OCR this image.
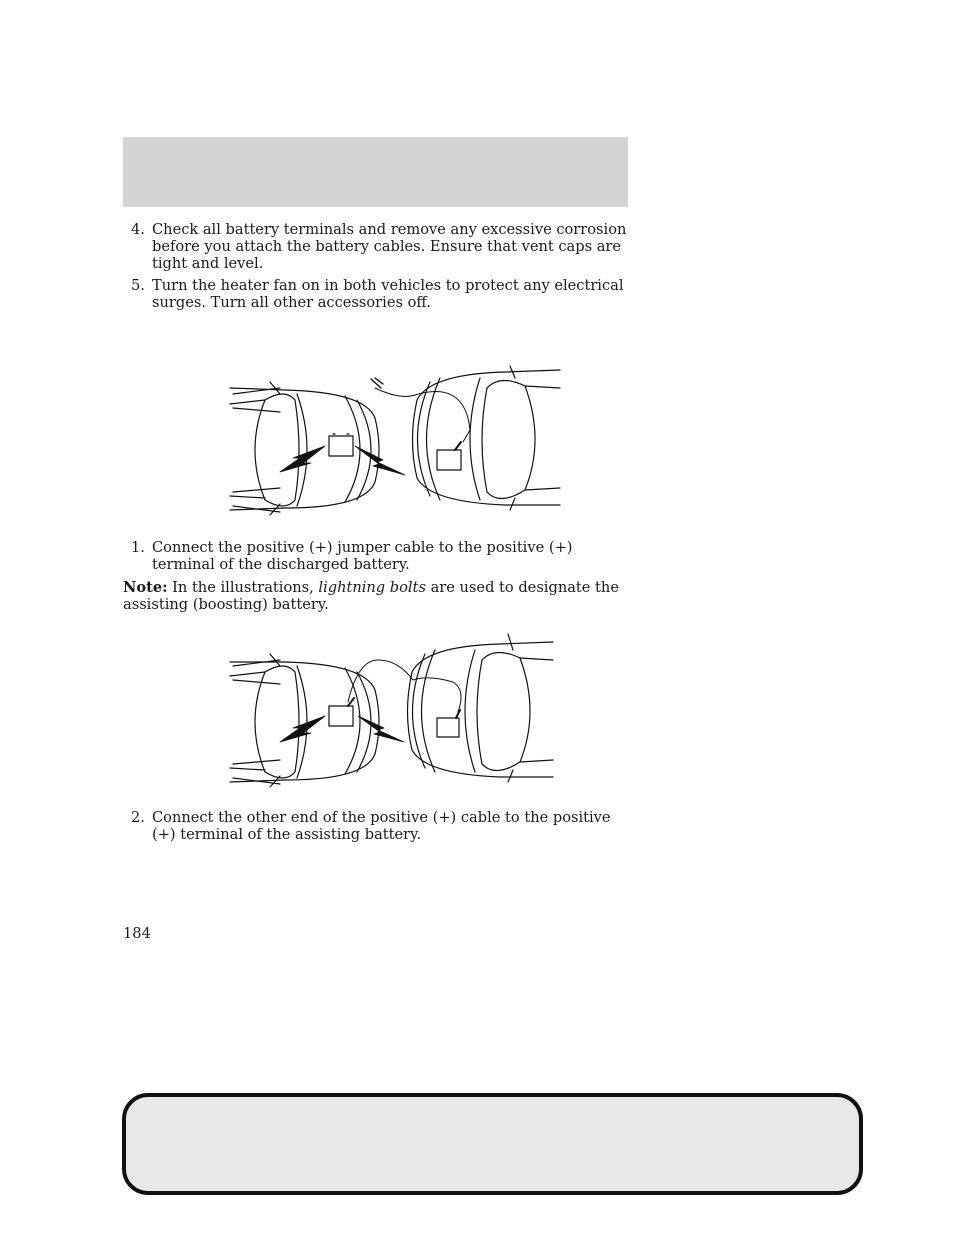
4. Check all battery terminals and remove any excessive corrosion before you attach the battery cables. Ensure that vent caps are tight and level.
5. Turn the heater fan on in both vehicles to protect any electrical surges. Turn all other accessories off.
1. Connect the positive (+) jumper cable to the positive (+) terminal of the discharged battery.
Note: In the illustrations, lightning bolts are used to designate the assisting (boosting) battery.
2. Connect the other end of the positive (+) cable to the positive (+) terminal of the assisting battery.
184
